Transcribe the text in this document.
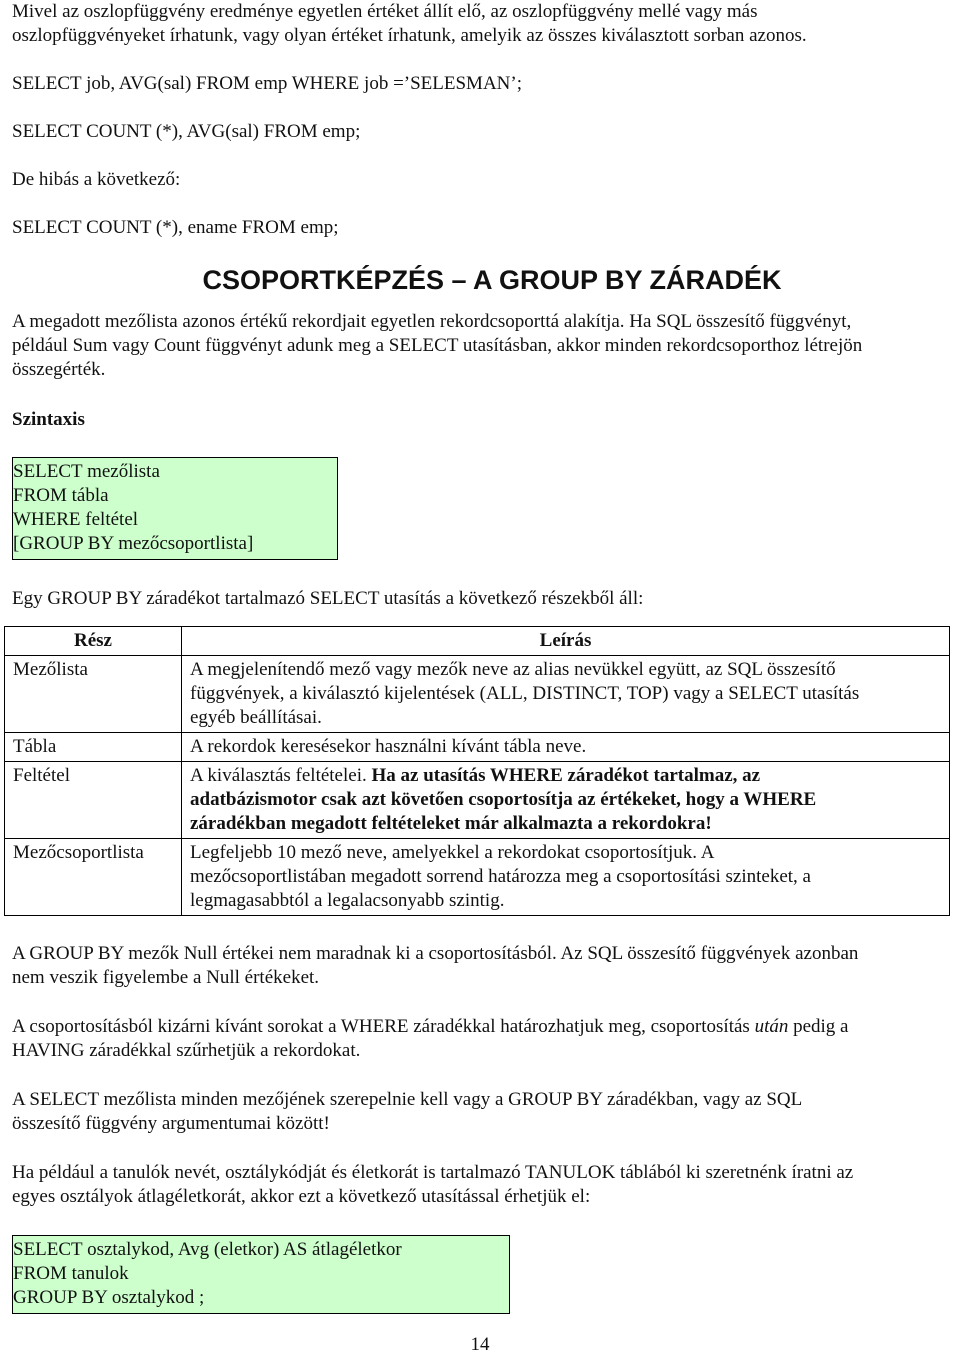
Mivel az oszlopfüggvény eredménye egyetlen értéket állít elő, az oszlopfüggvény mellé vagy más

oszlopfüggvényeket írhatunk, vagy olyan értéket írhatunk, amelyik az összes kiválasztott sorban azonos.

SELECT job, AVG(sal) FROM emp WHERE job =’SELESMAN’;

SELECT COUNT (*), AVG(sal) FROM emp;

De hibás a következő:

SELECT COUNT (*), ename FROM emp;

CSOPORTKÉPZÉS – A GROUP BY ZÁRADÉK

A megadott mezőlista azonos értékű rekordjait egyetlen rekordcsoporttá alakítja. Ha SQL összesítő függvényt,

például Sum vagy Count függvényt adunk meg a SELECT utasításban, akkor minden rekordcsoporthoz létrejön

összegérték.

Szintaxis

SELECT mezőlista
FROM tábla
WHERE feltétel
[GROUP BY mezőcsoportlista]

Egy GROUP BY záradékot tartalmazó SELECT utasítás a következő részekből áll:

Rész	Leírás
Mezőlista	A megjelenítendő mező vagy mezők neve az alias nevükkel együtt, az SQL összesítő
függvények, a kiválasztó kijelentések (ALL, DISTINCT, TOP) vagy a SELECT utasítás
egyéb beállításai.

Tábla	A rekordok keresésekor használni kívánt tábla neve.

Feltétel	A kiválasztás feltételei. Ha az utasítás WHERE záradékot tartalmaz, az
adatbázismotor csak azt követően csoportosítja az értékeket, hogy a WHERE
záradékban megadott feltételeket már alkalmazta a rekordokra!

Mezőcsoportlista	Legfeljebb 10 mező neve, amelyekkel a rekordokat csoportosítjuk. A
mezőcsoportlistában megadott sorrend határozza meg a csoportosítási szinteket, a
legmagasabbtól a legalacsonyabb szintig.

A GROUP BY mezők Null értékei nem maradnak ki a csoportosításból. Az SQL összesítő függvények azonban

nem veszik figyelembe a Null értékeket.

A csoportosításból kizárni kívánt sorokat a WHERE záradékkal határozhatjuk meg, csoportosítás után pedig a

HAVING záradékkal szűrhetjük a rekordokat.

A SELECT mezőlista minden mezőjének szerepelnie kell vagy a GROUP BY záradékban, vagy az SQL

összesítő függvény argumentumai között!

Ha például a tanulók nevét, osztálykódját és életkorát is tartalmazó TANULOK táblából ki szeretnénk íratni az

egyes osztályok átlagéletkorát, akkor ezt a következő utasítással érhetjük el:

SELECT osztalykod, Avg (eletkor) AS átlagéletkor
FROM tanulok
GROUP BY osztalykod ;
14
